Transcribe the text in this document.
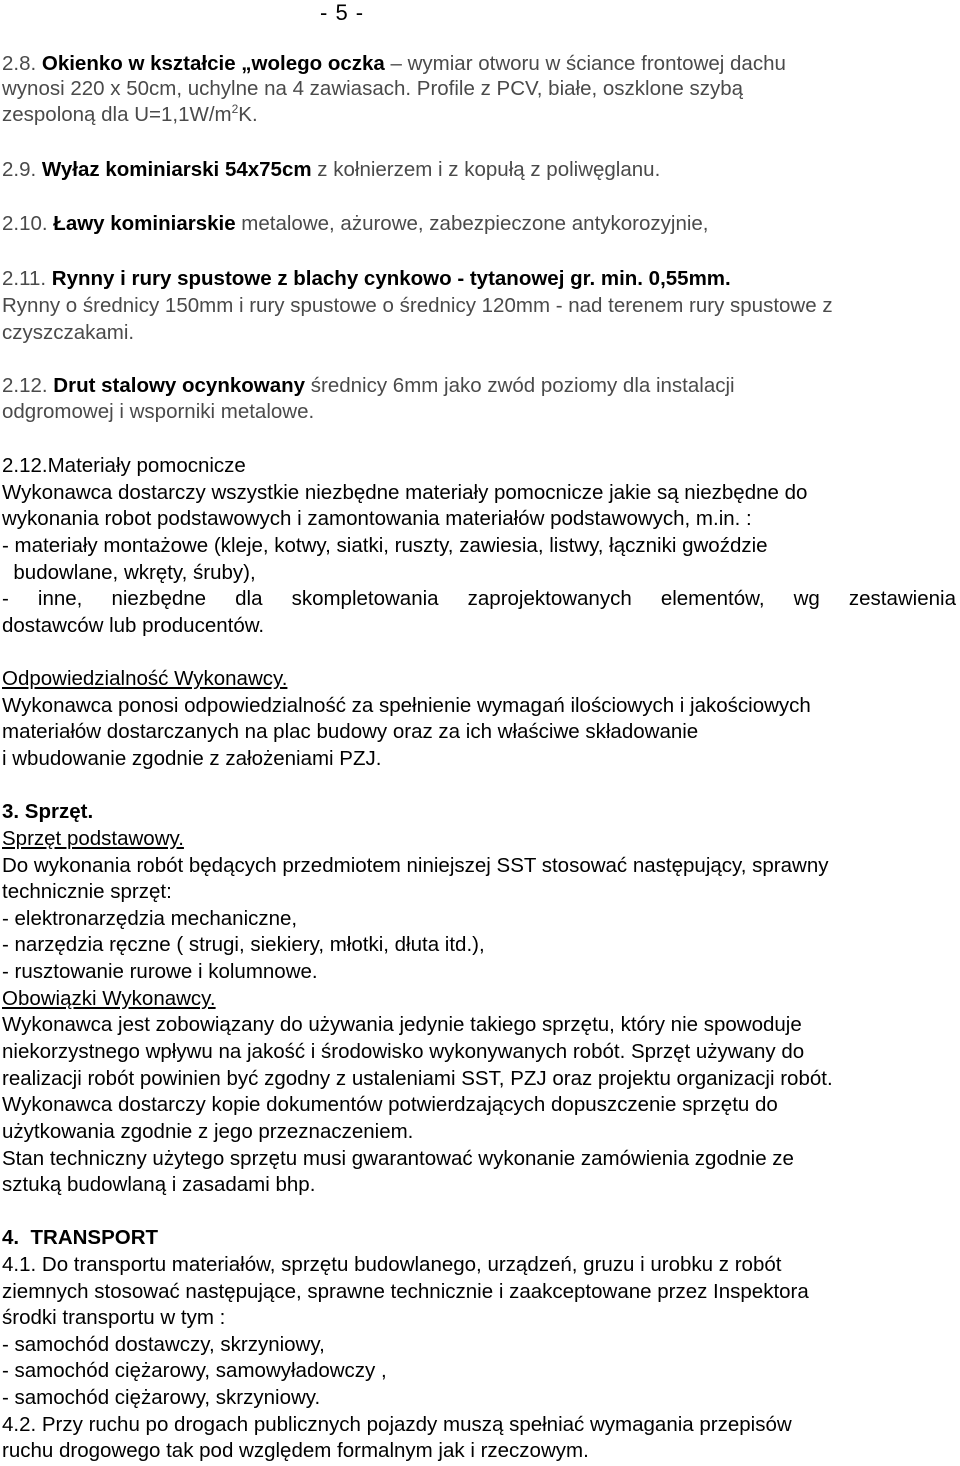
- 5 -
2.8. Okienko w kształcie „wolego oczka – wymiar otworu w ściance frontowej dachu
wynosi 220 x 50cm, uchylne na 4 zawiasach. Profile z PCV, białe, oszklone szybą
zespoloną dla $U=1,1W/m^2K$.
2.9. Wyłaz kominiarski 54x75cm z kołnierzem i z kopułą z poliwęglanu.
2.10. Ławy kominiarskie metalowe, ażurowe, zabezpieczone antykorozyjnie,
2.11. Rynny i rury spustowe z blachy cynkowo - tytanowej gr. min. 0,55mm.
Rynny o średnicy 150mm i rury spustowe o średnicy 120mm - nad terenem rury spustowe z
czyszczakami.
2.12. Drut stalowy ocynkowany średnicy 6mm jako zwód poziomy dla instalacji
odgromowej i wsporniki metalowe.
2.12.Materiały pomocnicze
Wykonawca dostarczy wszystkie niezbędne materiały pomocnicze jakie są niezbędne do
wykonania robot podstawowych i zamontowania materiałów podstawowych, m.in. :
- materiały montażowe (kleje, kotwy, siatki, ruszty, zawiesia, listwy, łączniki gwoździe
budowlane, wkręty, śruby),
- inne, niezbędne dla skompletowania zaprojektowanych elementów, wg zestawienia
dostawców lub producentów.
Odpowiedzialność Wykonawcy.
Wykonawca ponosi odpowiedzialność za spełnienie wymagań ilościowych i jakościowych
materiałów dostarczanych na plac budowy oraz za ich właściwe składowanie
i wbudowanie zgodnie z założeniami PZJ.
3. Sprzęt.
Sprzęt podstawowy.
Do wykonania robót będących przedmiotem niniejszej SST stosować następujący, sprawny
technicznie sprzęt:
- elektronarzędzia mechaniczne,
- narzędzia ręczne ( strugi, siekiery, młotki, dłuta itd.),
- rusztowanie rurowe i kolumnowe.
Obowiązki Wykonawcy.
Wykonawca jest zobowiązany do używania jedynie takiego sprzętu, który nie spowoduje
niekorzystnego wpływu na jakość i środowisko wykonywanych robót. Sprzęt używany do
realizacji robót powinien być zgodny z ustaleniami SST, PZJ oraz projektu organizacji robót.
Wykonawca dostarczy kopie dokumentów potwierdzających dopuszczenie sprzętu do
użytkowania zgodnie z jego przeznaczeniem.
Stan techniczny użytego sprzętu musi gwarantować wykonanie zamówienia zgodnie ze
sztuką budowlaną i zasadami bhp.
4.  TRANSPORT
4.1. Do transportu materiałów, sprzętu budowlanego, urządzeń, gruzu i urobku z robót
ziemnych stosować następujące, sprawne technicznie i zaakceptowane przez Inspektora
środki transportu w tym :
- samochód dostawczy, skrzyniowy,
- samochód ciężarowy, samowyładowczy ,
- samochód ciężarowy, skrzyniowy.
4.2. Przy ruchu po drogach publicznych pojazdy muszą spełniać wymagania przepisów
ruchu drogowego tak pod względem formalnym jak i rzeczowym.
